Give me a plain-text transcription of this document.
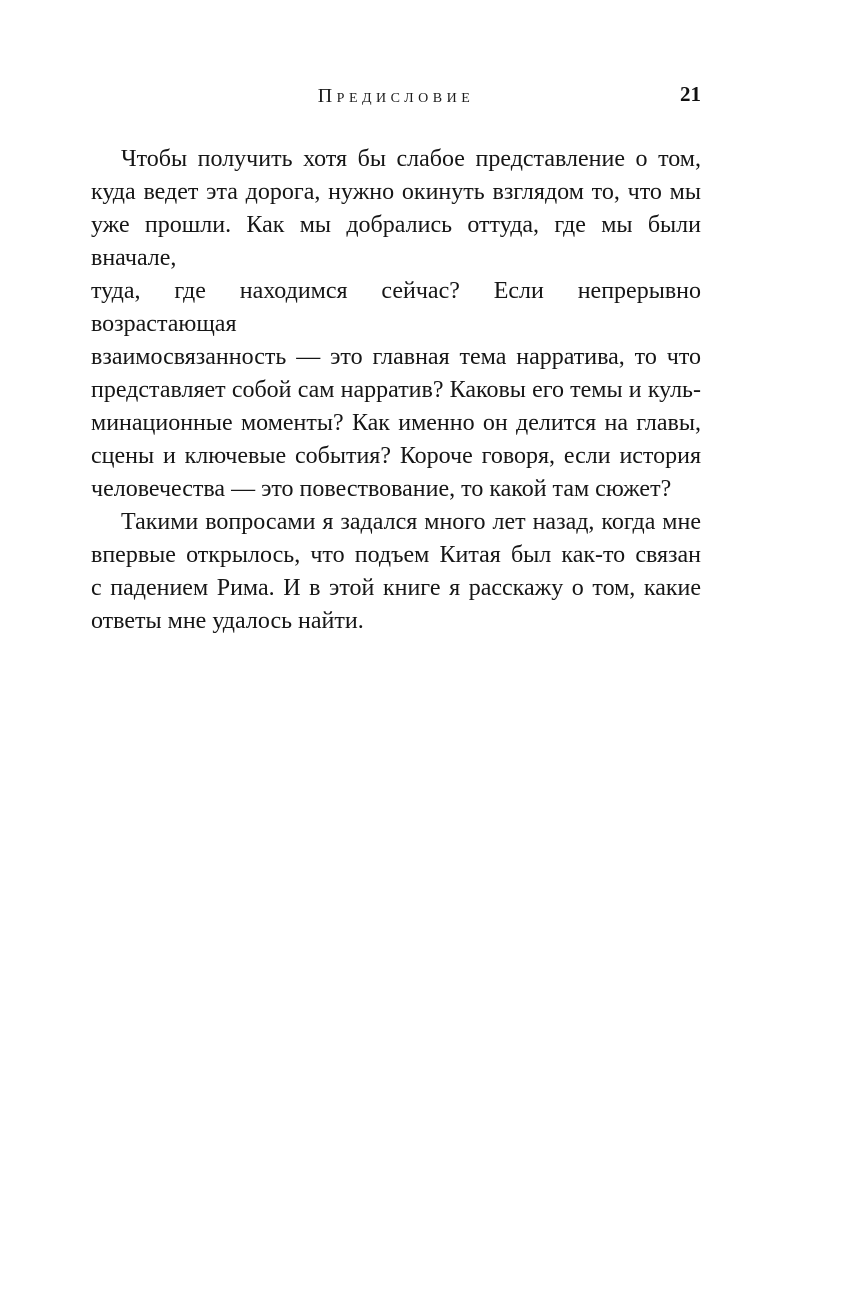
Предисловие	21
Чтобы получить хотя бы слабое представление о том,
куда ведет эта дорога, нужно окинуть взглядом то, что мы
уже прошли. Как мы добрались оттуда, где мы были вначале,
туда, где находимся сейчас? Если непрерывно возрастающая
взаимосвязанность — это главная тема нарратива, то что
представляет собой сам нарратив? Каковы его темы и куль-
минационные моменты? Как именно он делится на главы,
сцены и ключевые события? Короче говоря, если история
человечества — это повествование, то какой там сюжет?
Такими вопросами я задался много лет назад, когда мне
впервые открылось, что подъем Китая был как-то связан
с падением Рима. И в этой книге я расскажу о том, какие
ответы мне удалось найти.
